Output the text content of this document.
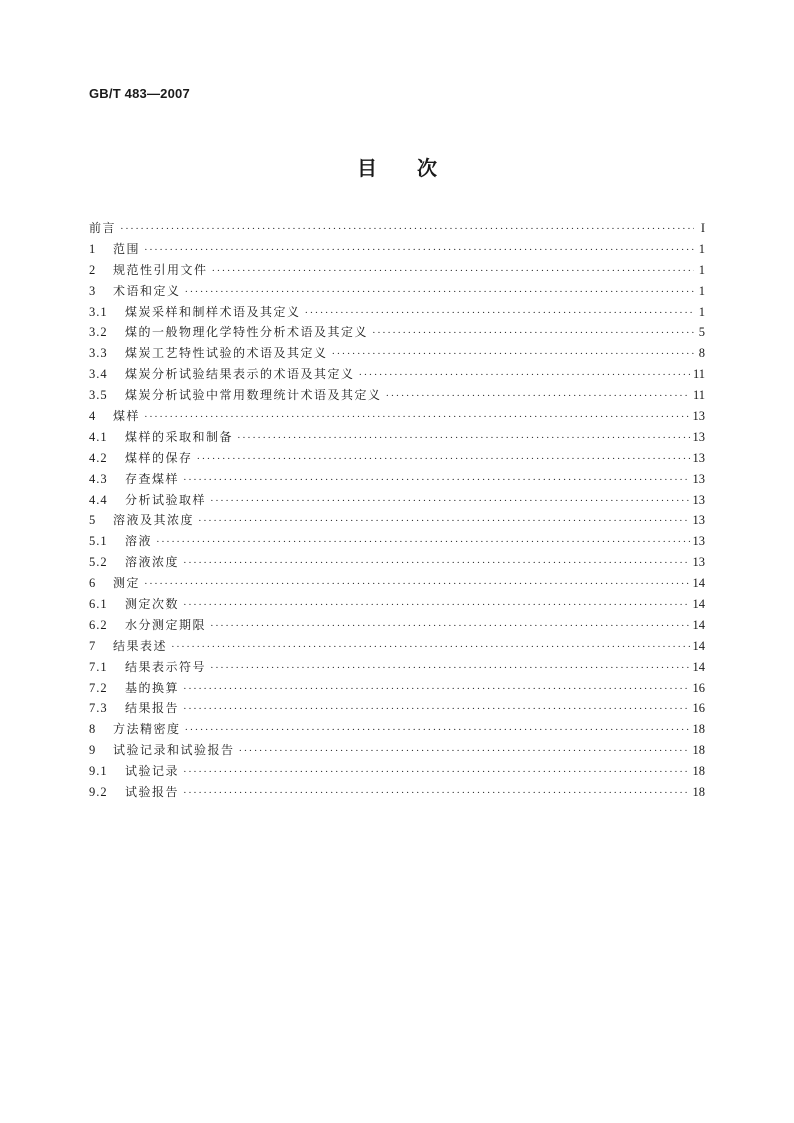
GB/T 483—2007
目次
前言 ·····	I
1	范围 ·····	1
2	规范性引用文件 ·····	1
3	术语和定义 ·····	1
3.1	煤炭采样和制样术语及其定义 ·····	1
3.2	煤的一般物理化学特性分析术语及其定义 ·····	5
3.3	煤炭工艺特性试验的术语及其定义 ·····	8
3.4	煤炭分析试验结果表示的术语及其定义 ·····	11
3.5	煤炭分析试验中常用数理统计术语及其定义 ·····	11
4	煤样 ·····	13
4.1	煤样的采取和制备 ·····	13
4.2	煤样的保存 ·····	13
4.3	存查煤样 ·····	13
4.4	分析试验取样 ·····	13
5	溶液及其浓度 ·····	13
5.1	溶液 ·····	13
5.2	溶液浓度 ·····	13
6	测定 ·····	14
6.1	测定次数 ·····	14
6.2	水分测定期限 ·····	14
7	结果表述 ·····	14
7.1	结果表示符号 ·····	14
7.2	基的换算 ·····	16
7.3	结果报告 ·····	16
8	方法精密度 ·····	18
9	试验记录和试验报告 ·····	18
9.1	试验记录 ·····	18
9.2	试验报告 ·····	18
